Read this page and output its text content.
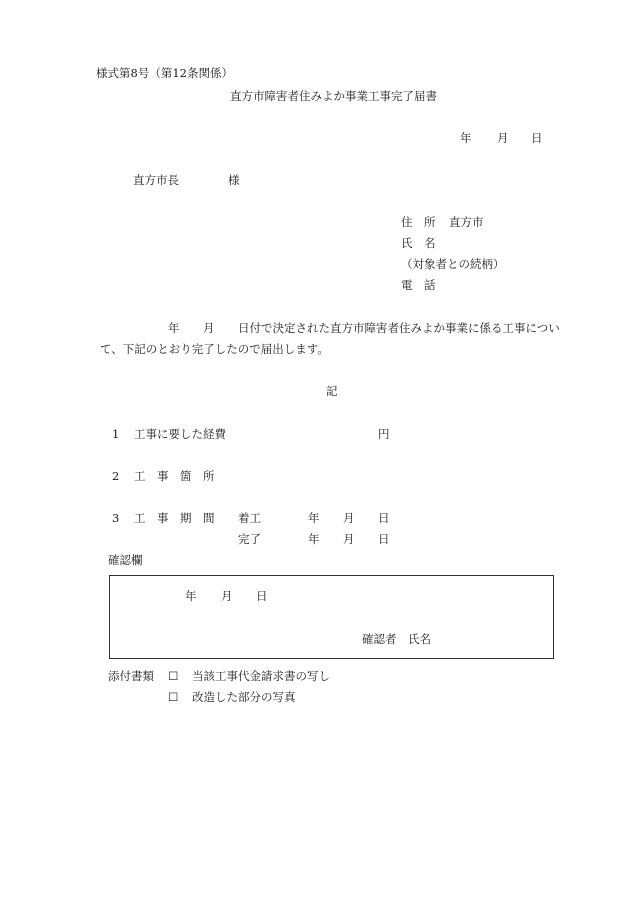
様式第8号（第12条関係）
直方市障害者住みよか事業工事完了届書
年 月 日
直方市長	様
住　所 直方市
氏　名
（対象者との続柄）
電　話
年 月 日付で決定された直方市障害者住みよか事業に係る工事につい
て、下記のとおり完了したので届出します。
記
1 工事に要した経費	円
2 工　事　箇　所
3 工　事　期　間 着工	年 月 日
完了	年 月 日
確認欄
年 月 日
確認者　氏名
添付書類 ☐ 当該工事代金請求書の写し
☐ 改造した部分の写真
